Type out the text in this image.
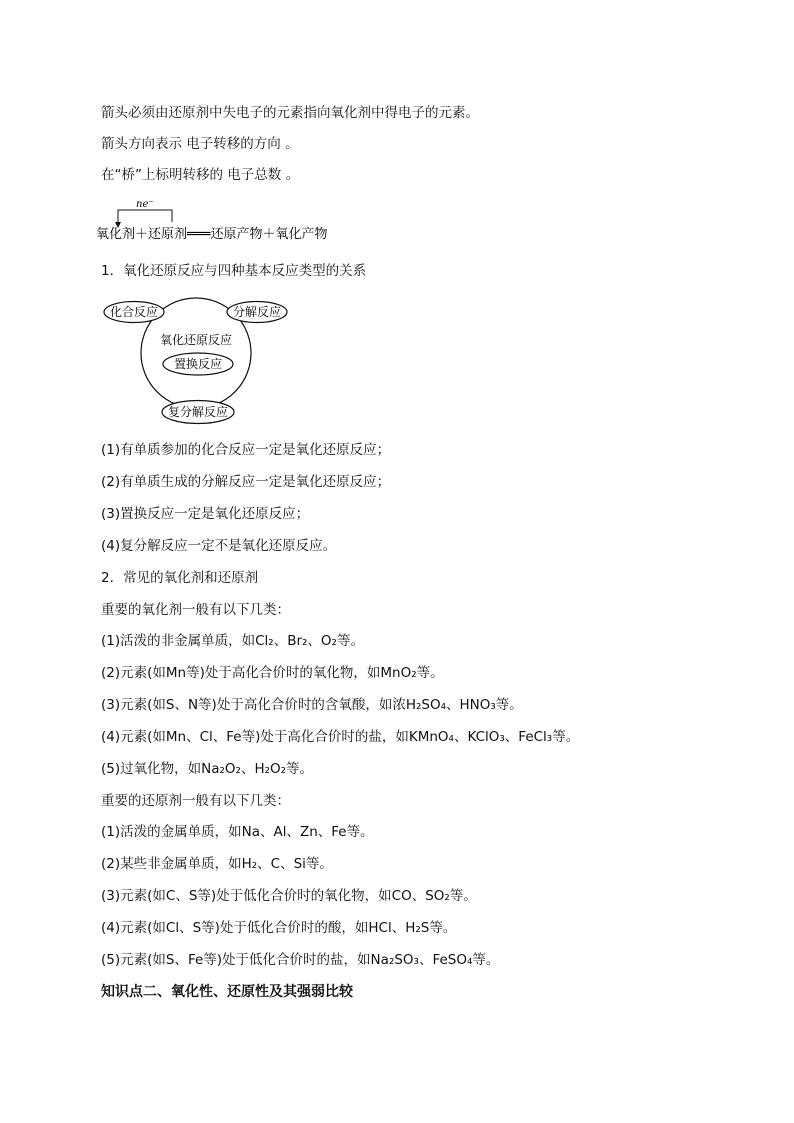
箭头必须由还原剂中失电子的元素指向氧化剂中得电子的元素。
箭头方向表示 电子转移的方向 。
在“桥”上标明转移的 电子总数 。
ne⁻
氧化剂＋还原剂═══还原产物＋氧化产物
1．氧化还原反应与四种基本反应类型的关系
化合反应	分解反应
氧化还原反应
置换反应
复分解反应
(1)有单质参加的化合反应一定是氧化还原反应；
(2)有单质生成的分解反应一定是氧化还原反应；
(3)置换反应一定是氧化还原反应；
(4)复分解反应一定不是氧化还原反应。
2．常见的氧化剂和还原剂
重要的氧化剂一般有以下几类：
(1)活泼的非金属单质，如Cl₂、Br₂、O₂等。
(2)元素(如Mn等)处于高化合价时的氧化物，如MnO₂等。
(3)元素(如S、N等)处于高化合价时的含氧酸，如浓H₂SO₄、HNO₃等。
(4)元素(如Mn、Cl、Fe等)处于高化合价时的盐，如KMnO₄、KClO₃、FeCl₃等。
(5)过氧化物，如Na₂O₂、H₂O₂等。
重要的还原剂一般有以下几类：
(1)活泼的金属单质，如Na、Al、Zn、Fe等。
(2)某些非金属单质，如H₂、C、Si等。
(3)元素(如C、S等)处于低化合价时的氧化物，如CO、SO₂等。
(4)元素(如Cl、S等)处于低化合价时的酸，如HCl、H₂S等。
(5)元素(如S、Fe等)处于低化合价时的盐，如Na₂SO₃、FeSO₄等。
知识点二、氧化性、还原性及其强弱比较
